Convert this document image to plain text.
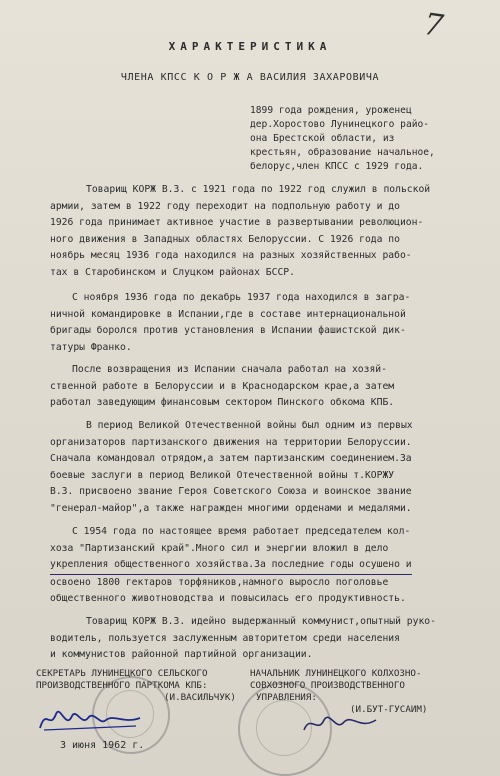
7
ХАРАКТЕРИСТИКА
ЧЛЕНА КПСС К О Р Ж А ВАСИЛИЯ ЗАХАРОВИЧА
1899 года рождения, уроженец
дер.Хоростово Лунинецкого райо-
она Брестской области, из
крестьян, образование начальное,
белорус,член КПСС с 1929 года.
Товарищ КОРЖ В.З. с 1921 года по 1922 год служил в польской
армии, затем в 1922 году переходит на подпольную работу и до
1926 года принимает активное участие в развертывании революцион-
ного движения в Западных областях Белоруссии. С 1926 года по
ноябрь месяц 1936 года находился на разных хозяйственных рабо-
тах в Старобинском и Слуцком районах БССР.
С ноября 1936 года по декабрь 1937 года находился в загра-
ничной командировке в Испании,где в составе интернациональной
бригады боролся против установления в Испании фашистской дик-
татуры Франко.
После возвращения из Испании сначала работал на хозяй-
ственной работе в Белоруссии и в Краснодарском крае,а затем
работал заведующим финансовым сектором Пинского обкома КПБ.
В период Великой Отечественной войны был одним из первых
организаторов партизанского движения на территории Белоруссии.
Сначала командовал отрядом,а затем партизанским соединением.За
боевые заслуги в период Великой Отечественной войны т.КОРЖУ
В.З. присвоено звание Героя Советского Союза и воинское звание
"генерал-майор",а также награжден многими орденами и медалями.
С 1954 года по настоящее время работает председателем кол-
хоза "Партизанский край".Много сил и энергии вложил в дело
укрепления общественного хозяйства.За последние годы осушено и
освоено 1800 гектаров торфяников,намного выросло поголовье
общественного животноводства и повысилась его продуктивность.
Товарищ КОРЖ В.З. идейно выдержанный коммунист,опытный руко-
водитель, пользуется заслуженным авторитетом среди населения
и коммунистов районной партийной организации.
СЕКРЕТАРЬ ЛУНИНЕЦКОГО СЕЛЬСКОГО
ПРОИЗВОДСТВЕННОГО ПАРТКОМА КПБ:
(И.ВАСИЛЬЧУК)
НАЧАЛЬНИК ЛУНИНЕЦКОГО КОЛХОЗНО-
СОВХОЗНОГО ПРОИЗВОДСТВЕННОГО
УПРАВЛЕНИЯ:
(И.БУТ-ГУСАИМ)
3 июня 1962 г.
